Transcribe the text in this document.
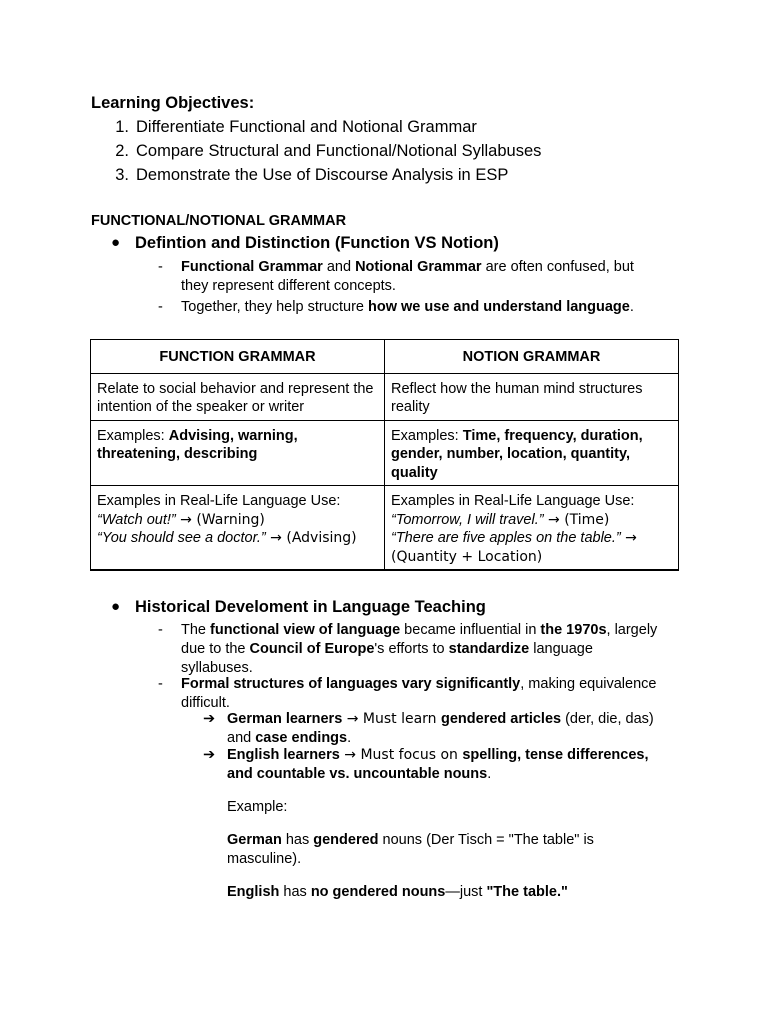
Learning Objectives:
1. Differentiate Functional and Notional Grammar
2. Compare Structural and Functional/Notional Syllabuses
3. Demonstrate the Use of Discourse Analysis in ESP
FUNCTIONAL/NOTIONAL GRAMMAR
● Defintion and Distinction (Function VS Notion)
- Functional Grammar and Notional Grammar are often confused, but
they represent different concepts.
- Together, they help structure how we use and understand language.
FUNCTION GRAMMAR	NOTION GRAMMAR
Relate to social behavior and represent the intention of the speaker or writer	Reflect how the human mind structures reality
Examples: Advising, warning, threatening, describing	Examples: Time, frequency, duration, gender, number, location, quantity, quality
Examples in Real-Life Language Use:
“Watch out!” → (Warning)
“You should see a doctor.” → (Advising)	Examples in Real-Life Language Use:
“Tomorrow, I will travel.” → (Time)
“There are five apples on the table.” →
(Quantity + Location)
● Historical Develoment in Language Teaching
- The functional view of language became influential in the 1970s, largely
due to the Council of Europe's efforts to standardize language
syllabuses.
- Formal structures of languages vary significantly, making equivalence
difficult.
➔ German learners → Must learn gendered articles (der, die, das)
and case endings.
➔ English learners → Must focus on spelling, tense differences,
and countable vs. uncountable nouns.
Example:
German has gendered nouns (Der Tisch = "The table" is
masculine).
English has no gendered nouns—just "The table."
